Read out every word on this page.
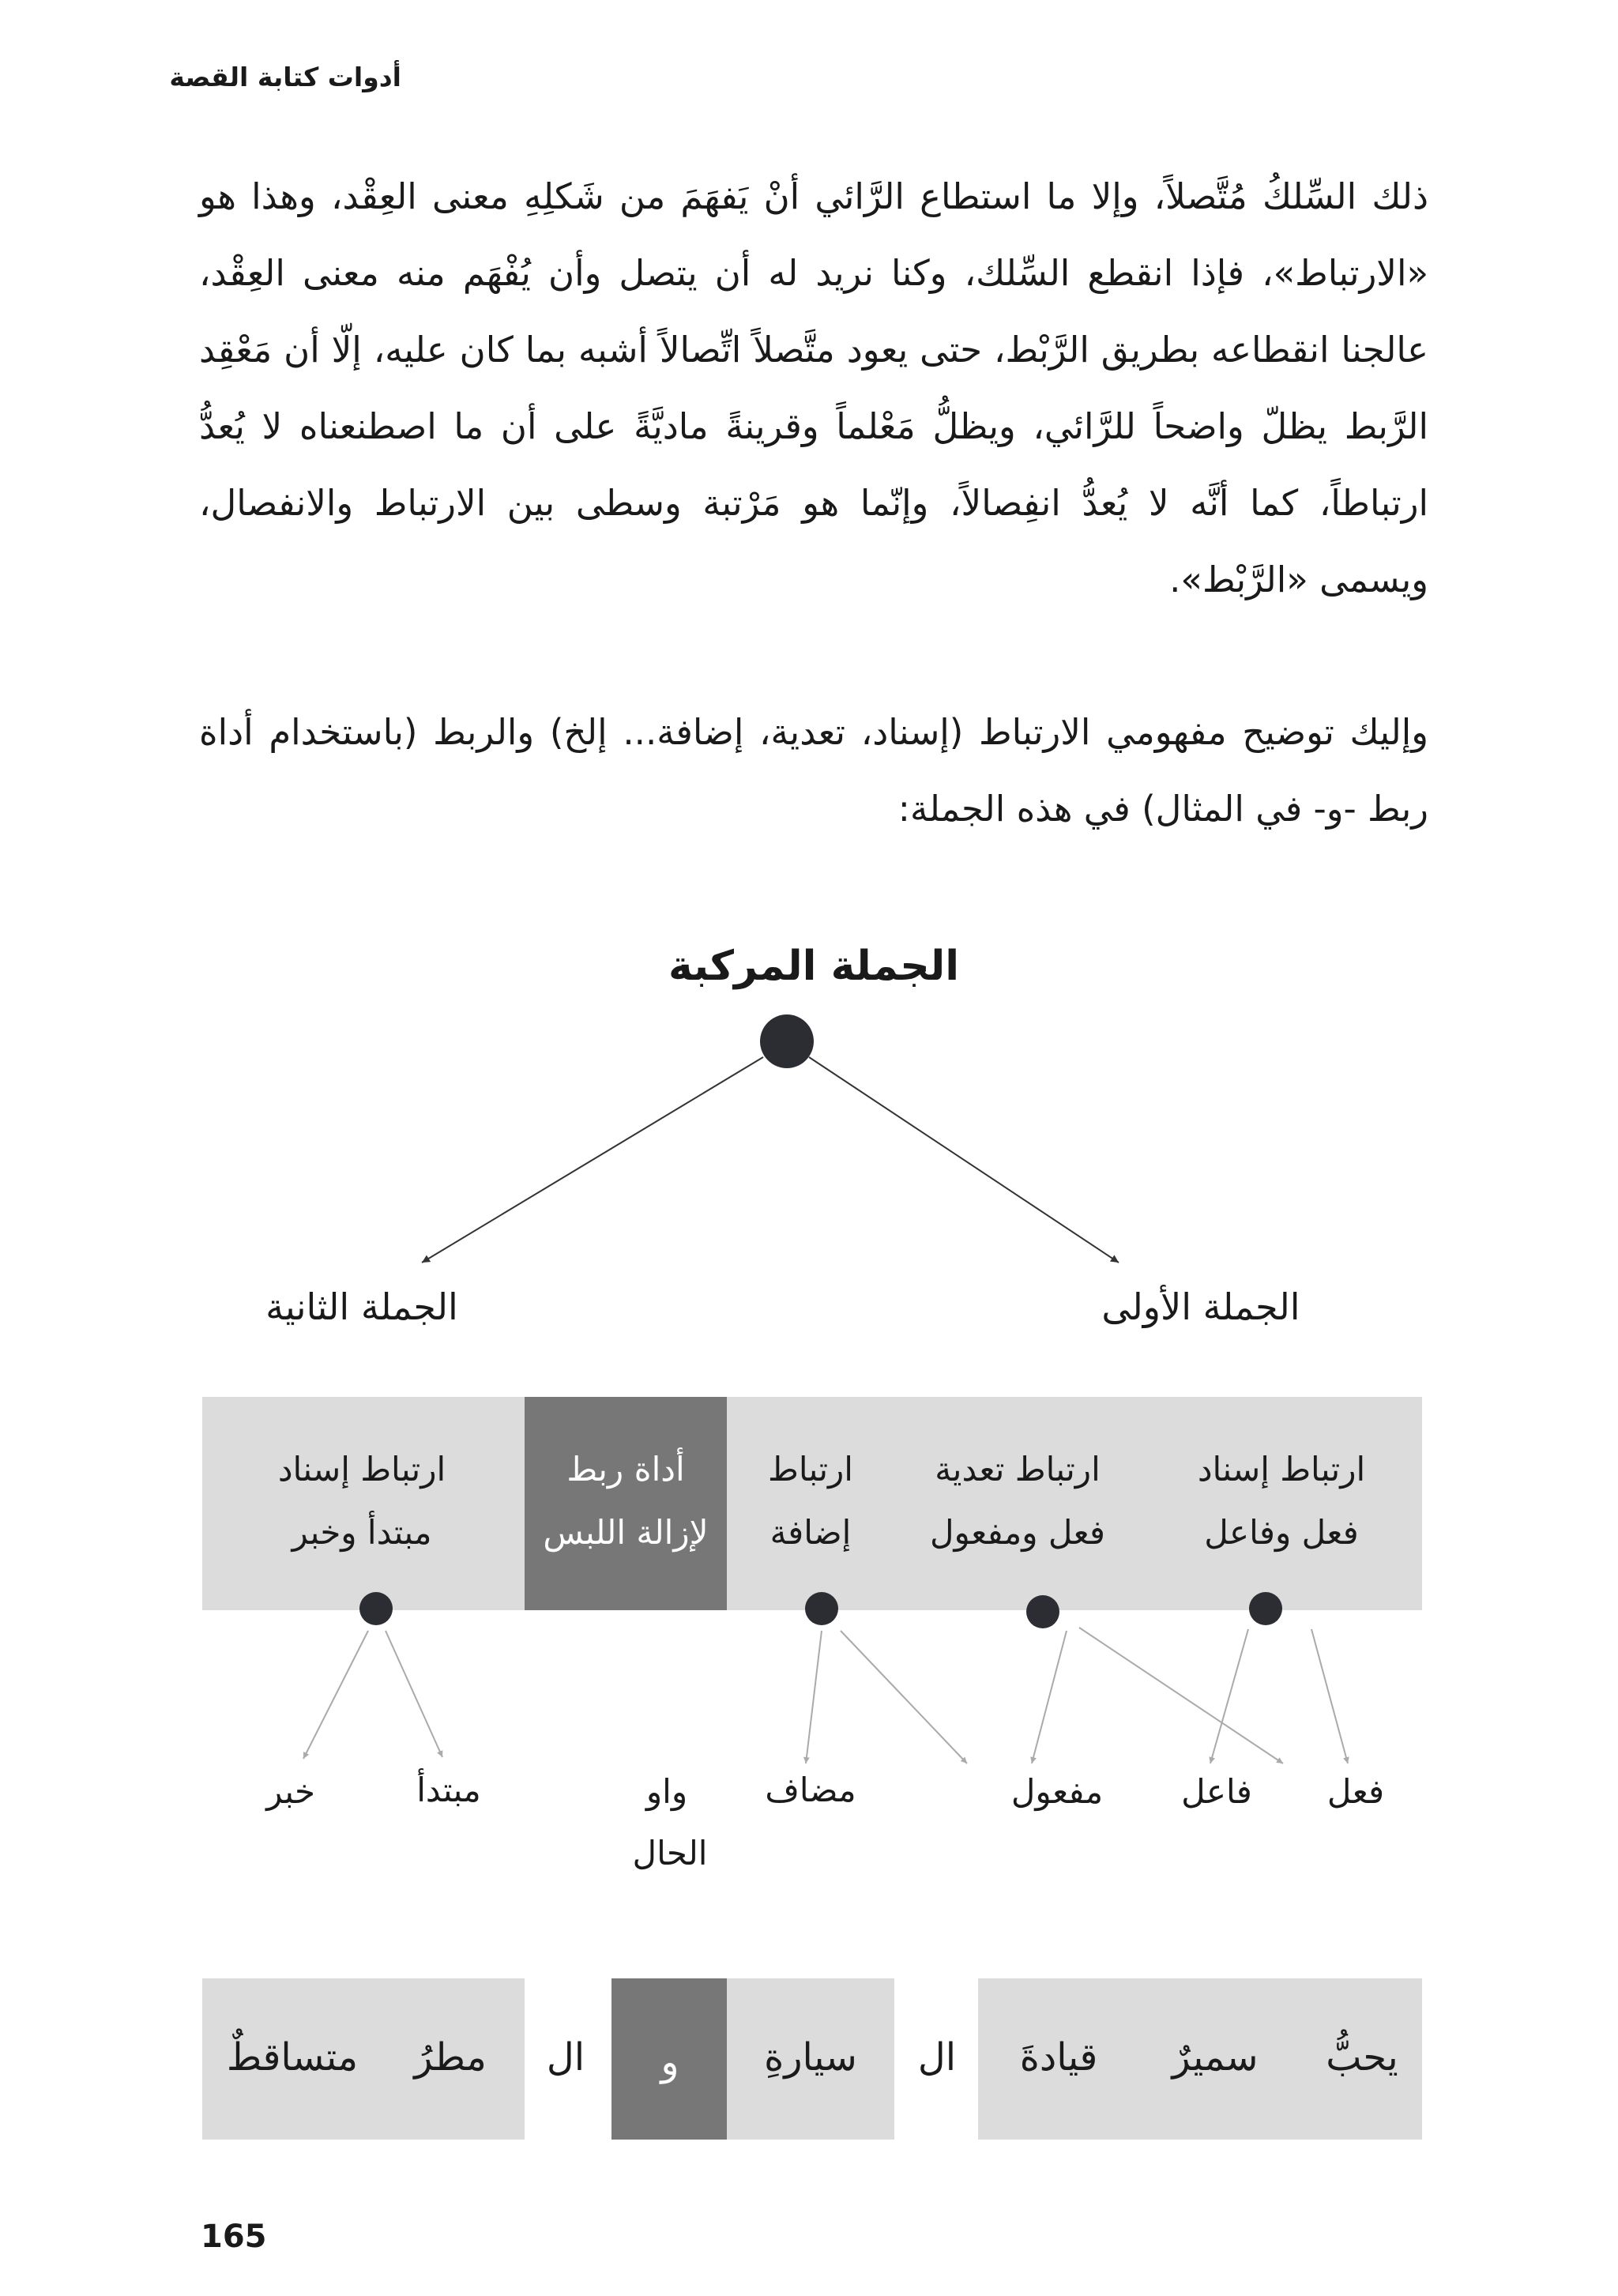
أدوات كتابة القصة

ذلك السِّلكُ مُتَّصلاً، وإلا ما استطاع الرَّائي أنْ يَفهَمَ من شَكلِهِ معنى العِقْد، وهذا هو «الارتباط»، فإذا انقطع السِّلك، وكنا نريد له أن يتصل وأن يُفْهَم منه معنى العِقْد، عالجنا انقطاعه بطريق الرَّبْط، حتى يعود متَّصلاً اتِّصالاً أشبه بما كان عليه، إلّا أن مَعْقِد الرَّبط يظلّ واضحاً للرَّائي، ويظلُّ مَعْلماً وقرينةً ماديَّةً على أن ما اصطنعناه لا يُعدُّ ارتباطاً، كما أنَّه لا يُعدُّ انفِصالاً، وإنّما هو مَرْتبة وسطى بين الارتباط والانفصال، ويسمى «الرَّبْط».

وإليك توضيح مفهومي الارتباط (إسناد، تعدية، إضافة... إلخ) والربط (باستخدام أداة ربط -و- في المثال) في هذه الجملة:

الجملة المركبة
الجملة الأولى
الجملة الثانية
ارتباط إسناد
فعل وفاعل
ارتباط تعدية
فعل ومفعول
ارتباط
إضافة
أداة ربط
لإزالة اللبس
ارتباط إسناد
مبتدأ وخبر
فعل
فاعل
مفعول
مضاف
واو
الحال
مبتدأ
خبر
يحبُّ
سميرٌ
قيادةَ
ال
سيارةِ
و
ال
مطرُ
متساقطٌ
165
